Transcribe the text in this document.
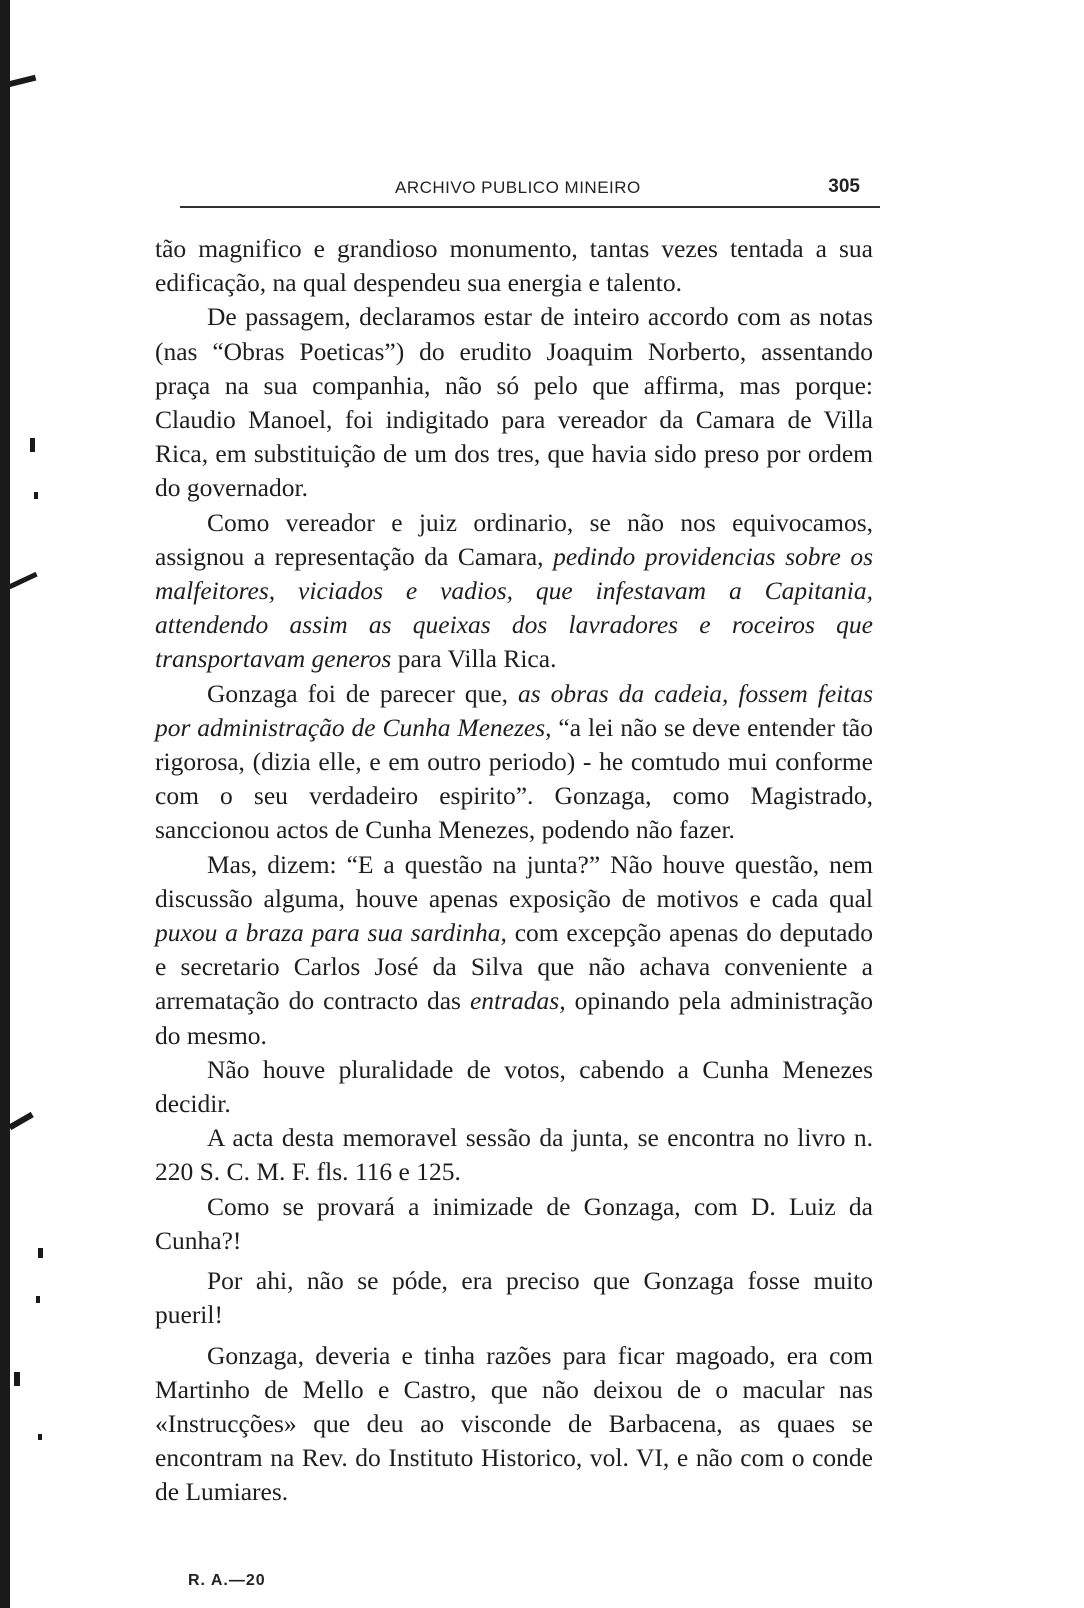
ARCHIVO PUBLICO MINEIRO	305

tão magnifico e grandioso monumento, tantas vezes tentada a sua edificação, na qual despendeu sua energia e talento.

De passagem, declaramos estar de inteiro accordo com as notas (nas “Obras Poeticas”) do erudito Joaquim Norberto, assentando praça na sua companhia, não só pelo que affirma, mas porque: Claudio Manoel, foi indigitado para vereador da Camara de Villa Rica, em substituição de um dos tres, que havia sido preso por ordem do governador.

Como vereador e juiz ordinario, se não nos equivocamos, assignou a representação da Camara, pedindo providencias sobre os malfeitores, viciados e vadios, que infestavam a Capitania, attendendo assim as queixas dos lavradores e roceiros que transportavam generos para Villa Rica.

Gonzaga foi de parecer que, as obras da cadeia, fossem feitas por administração de Cunha Menezes, “a lei não se deve entender tão rigorosa, (dizia elle, e em outro periodo) - he comtudo mui conforme com o seu verdadeiro espirito”. Gonzaga, como Magistrado, sanccionou actos de Cunha Menezes, podendo não fazer.

Mas, dizem: “E a questão na junta?” Não houve questão, nem discussão alguma, houve apenas exposição de motivos e cada qual puxou a braza para sua sardinha, com excepção apenas do deputado e secretario Carlos José da Silva que não achava conveniente a arrematação do contracto das entradas, opinando pela administração do mesmo.

Não houve pluralidade de votos, cabendo a Cunha Menezes decidir.

A acta desta memoravel sessão da junta, se encontra no livro n. 220 S. C. M. F. fls. 116 e 125.

Como se provará a inimizade de Gonzaga, com D. Luiz da Cunha?!

Por ahi, não se póde, era preciso que Gonzaga fosse muito pueril!

Gonzaga, deveria e tinha razões para ficar magoado, era com Martinho de Mello e Castro, que não deixou de o macular nas «Instrucções» que deu ao visconde de Barbacena, as quaes se encontram na Rev. do Instituto Historico, vol. VI, e não com o conde de Lumiares.

R. A.—20
